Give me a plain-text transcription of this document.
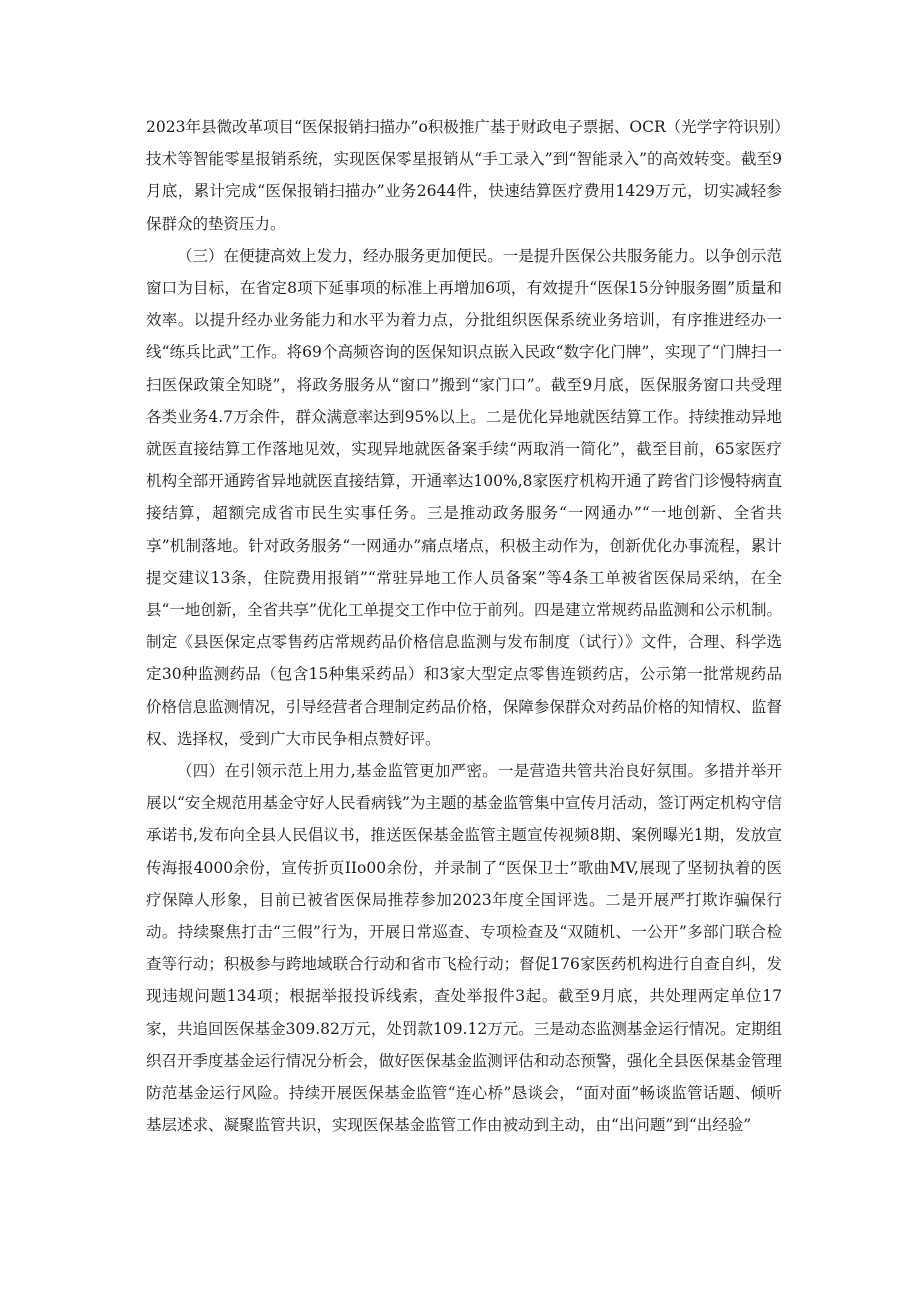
2023年县微改革项目“医保报销扫描办”o积极推广基于财政电子票据、OCR（光学字符识别）技术等智能零星报销系统，实现医保零星报销从“手工录入”到“智能录入”的高效转变。截至9月底，累计完成“医保报销扫描办”业务2644件，快速结算医疗费用1429万元，切实减轻参保群众的垫资压力。

（三）在便捷高效上发力，经办服务更加便民。一是提升医保公共服务能力。以争创示范窗口为目标，在省定8项下延事项的标准上再增加6项，有效提升“医保15分钟服务圈”质量和效率。以提升经办业务能力和水平为着力点，分批组织医保系统业务培训，有序推进经办一线“练兵比武”工作。将69个高频咨询的医保知识点嵌入民政“数字化门牌”，实现了“门牌扫一扫医保政策全知晓”，将政务服务从“窗口”搬到“家门口”。截至9月底，医保服务窗口共受理各类业务4.7万余件，群众满意率达到95%以上。二是优化异地就医结算工作。持续推动异地就医直接结算工作落地见效，实现异地就医备案手续“两取消一简化”，截至目前，65家医疗机构全部开通跨省异地就医直接结算，开通率达100%,8家医疗机构开通了跨省门诊慢特病直接结算，超额完成省市民生实事任务。三是推动政务服务“一网通办”“一地创新、全省共享”机制落地。针对政务服务“一网通办”痛点堵点，积极主动作为，创新优化办事流程，累计提交建议13条，住院费用报销”“常驻异地工作人员备案”等4条工单被省医保局采纳，在全县“一地创新，全省共享”优化工单提交工作中位于前列。四是建立常规药品监测和公示机制。制定《县医保定点零售药店常规药品价格信息监测与发布制度（试行）》文件，合理、科学选定30种监测药品（包含15种集采药品）和3家大型定点零售连锁药店，公示第一批常规药品价格信息监测情况，引导经营者合理制定药品价格，保障参保群众对药品价格的知情权、监督权、选择权，受到广大市民争相点赞好评。

（四）在引领示范上用力,基金监管更加严密。一是营造共管共治良好氛围。多措并举开展以“安全规范用基金守好人民看病钱”为主题的基金监管集中宣传月活动，签订两定机构守信承诺书,发布向全县人民倡议书，推送医保基金监管主题宣传视频8期、案例曝光1期，发放宣传海报4000余份，宣传折页IIo00余份，并录制了“医保卫士”歌曲MV,展现了坚韧执着的医疗保障人形象，目前已被省医保局推荐参加2023年度全国评选。二是开展严打欺诈骗保行动。持续聚焦打击“三假”行为，开展日常巡查、专项检查及“双随机、一公开”多部门联合检查等行动；积极参与跨地域联合行动和省市飞检行动；督促176家医药机构进行自查自纠，发现违规问题134项；根据举报投诉线索，查处举报件3起。截至9月底，共处理两定单位17家，共追回医保基金309.82万元，处罚款109.12万元。三是动态监测基金运行情况。定期组织召开季度基金运行情况分析会，做好医保基金监测评估和动态预警，强化全县医保基金管理防范基金运行风险。持续开展医保基金监管“连心桥”恳谈会，“面对面”畅谈监管话题、倾听基层述求、凝聚监管共识，实现医保基金监管工作由被动到主动，由“出问题”到“出经验”
